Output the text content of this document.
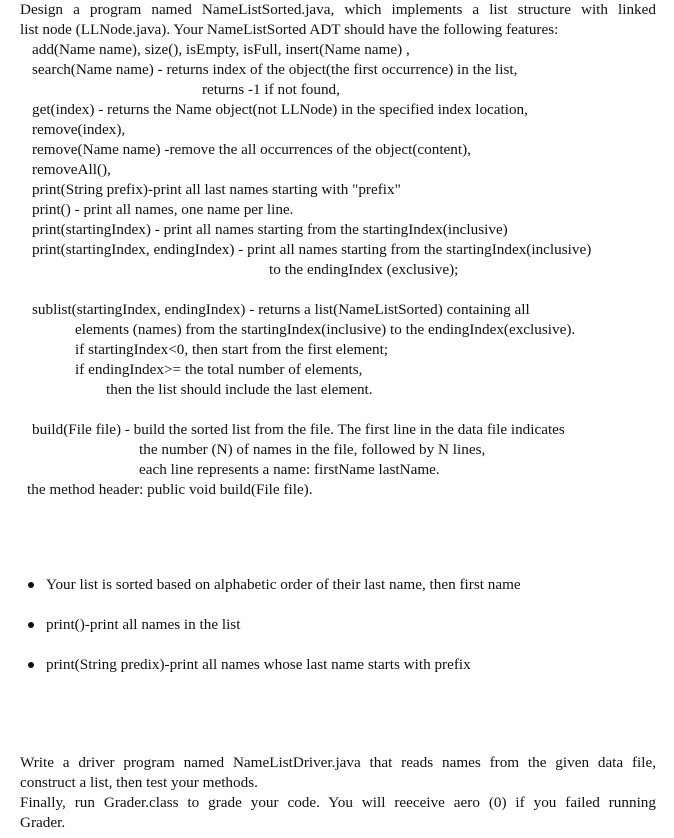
Design a program named NameListSorted.java, which implements a list structure with linked
list node (LLNode.java). Your NameListSorted ADT should have the following features:
add(Name name), size(), isEmpty, isFull, insert(Name name) ,
search(Name name) - returns index of the object(the first occurrence) in the list,
returns -1 if not found,
get(index) - returns the Name object(not LLNode) in the specified index location,
remove(index),
remove(Name name) -remove the all occurrences of the object(content),
removeAll(),
print(String prefix)-print all last names starting with "prefix"
print() - print all names, one name per line.
print(startingIndex) - print all names starting from the startingIndex(inclusive)
print(startingIndex, endingIndex) - print all names starting from the startingIndex(inclusive)
to the endingIndex (exclusive);
sublist(startingIndex, endingIndex) - returns a list(NameListSorted) containing all
elements (names) from the startingIndex(inclusive) to the endingIndex(exclusive).
if startingIndex<0, then start from the first element;
if endingIndex>= the total number of elements,
then the list should include the last element.
build(File file) - build the sorted list from the file. The first line in the data file indicates
the number (N) of names in the file, followed by N lines,
each line represents a name: firstName lastName.
the method header: public void build(File file).
Your list is sorted based on alphabetic order of their last name, then first name
print()-print all names in the list
print(String predix)-print all names whose last name starts with prefix
Write a driver program named NameListDriver.java that reads names from the given data file,
construct a list, then test your methods.
Finally, run Grader.class to grade your code. You will reeceive aero (0) if you failed running
Grader.
